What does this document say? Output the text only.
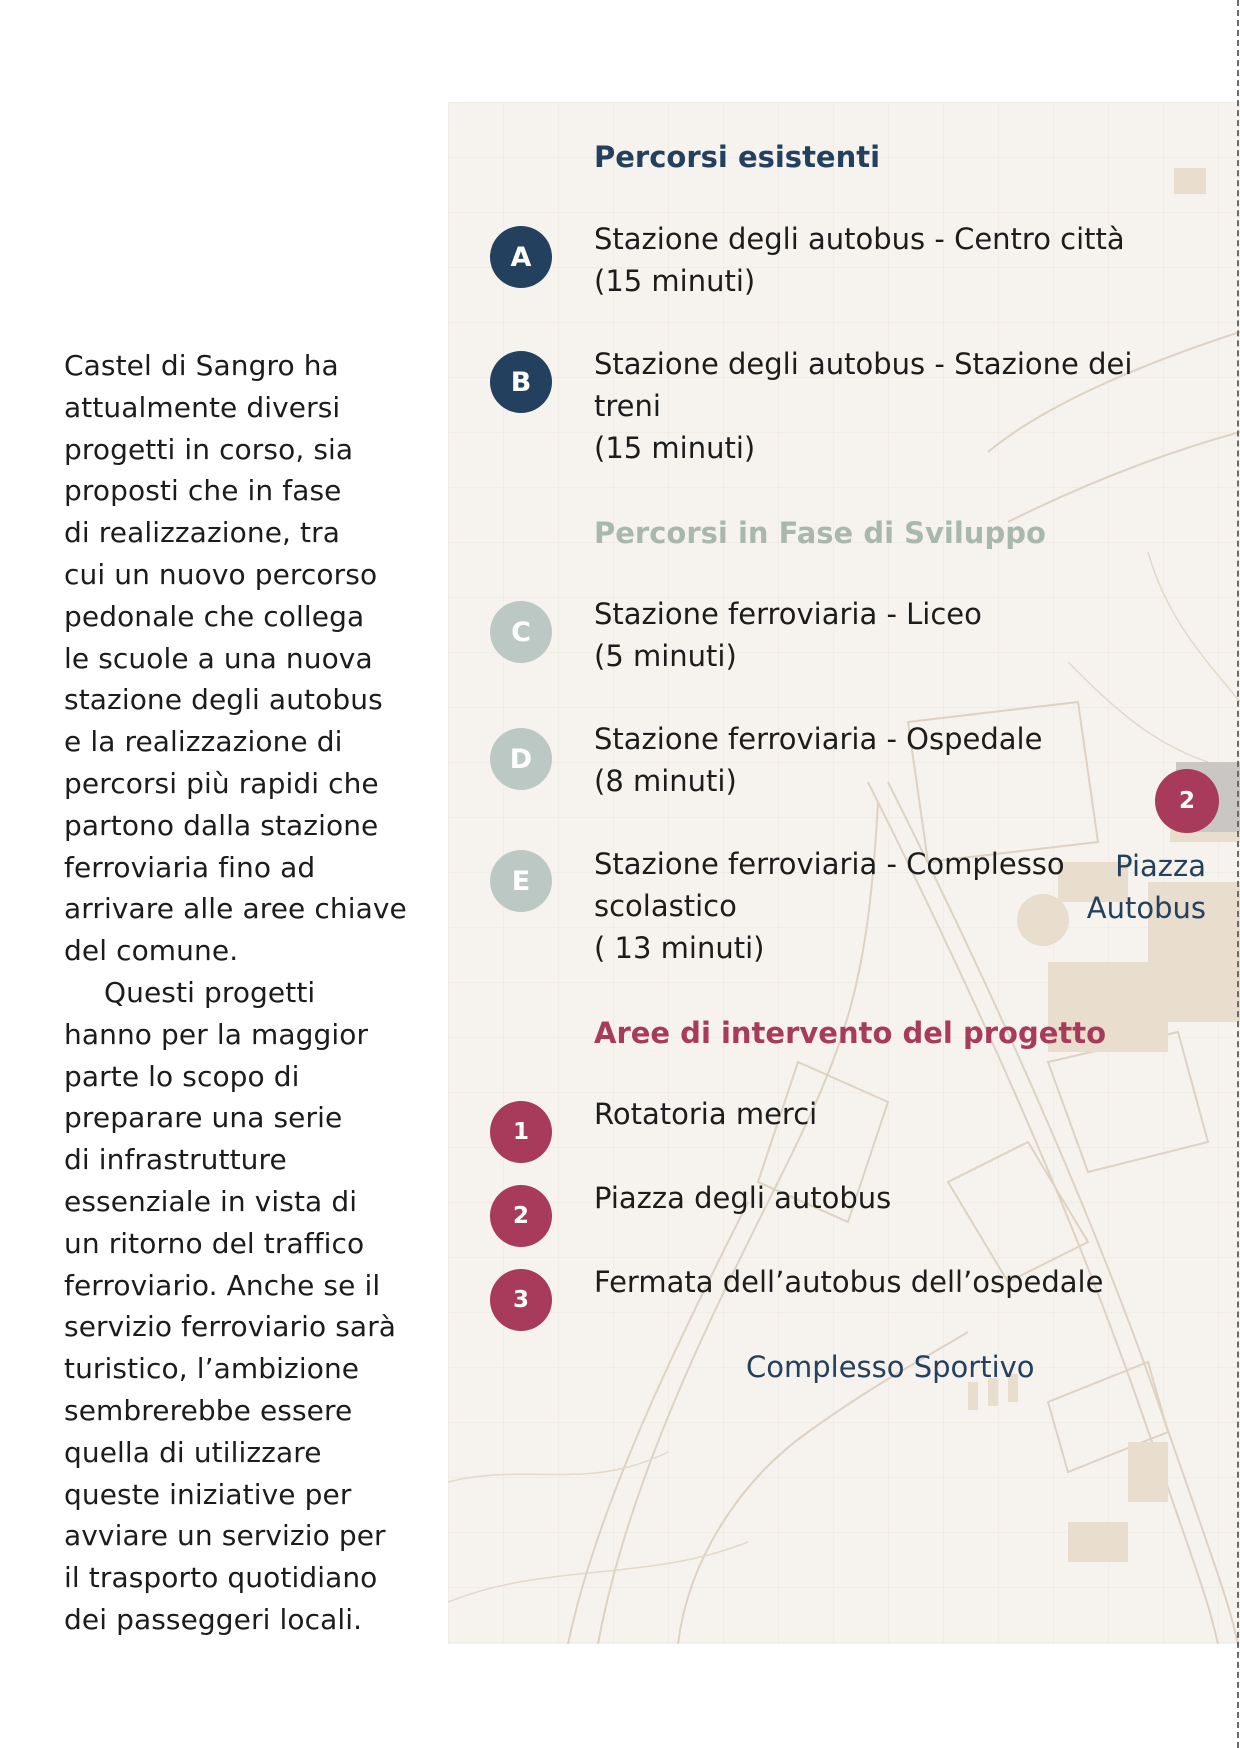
Castel di Sangro ha
attualmente diversi
progetti in corso, sia
proposti che in fase
di realizzazione, tra
cui un nuovo percorso
pedonale che collega
le scuole a una nuova
stazione degli autobus
e la realizzazione di
percorsi più rapidi che
partono dalla stazione
ferroviaria fino ad
arrivare alle aree chiave
del comune.

Questi progetti
hanno per la maggior
parte lo scopo di
preparare una serie
di infrastrutture
essenziale in vista di
un ritorno del traffico
ferroviario. Anche se il
servizio ferroviario sarà
turistico, l’ambizione
sembrerebbe essere
quella di utilizzare
queste iniziative per
avviare un servizio per
il trasporto quotidiano
dei passeggeri locali.

Percorsi esistenti
A
Stazione degli autobus - Centro città
(15 minuti)
B
Stazione degli autobus - Stazione dei
treni
(15 minuti)
Percorsi in Fase di Sviluppo
C
Stazione ferroviaria - Liceo
(5 minuti)
D
Stazione ferroviaria - Ospedale
(8 minuti)
E	Stazione ferroviaria - Complesso
scolastico
( 13 minuti)
Aree di intervento del progetto
1
Rotatoria merci
2
Piazza degli autobus
3
Fermata dell’autobus dell’ospedale
2
Piazza
Autobus
Complesso Sportivo
